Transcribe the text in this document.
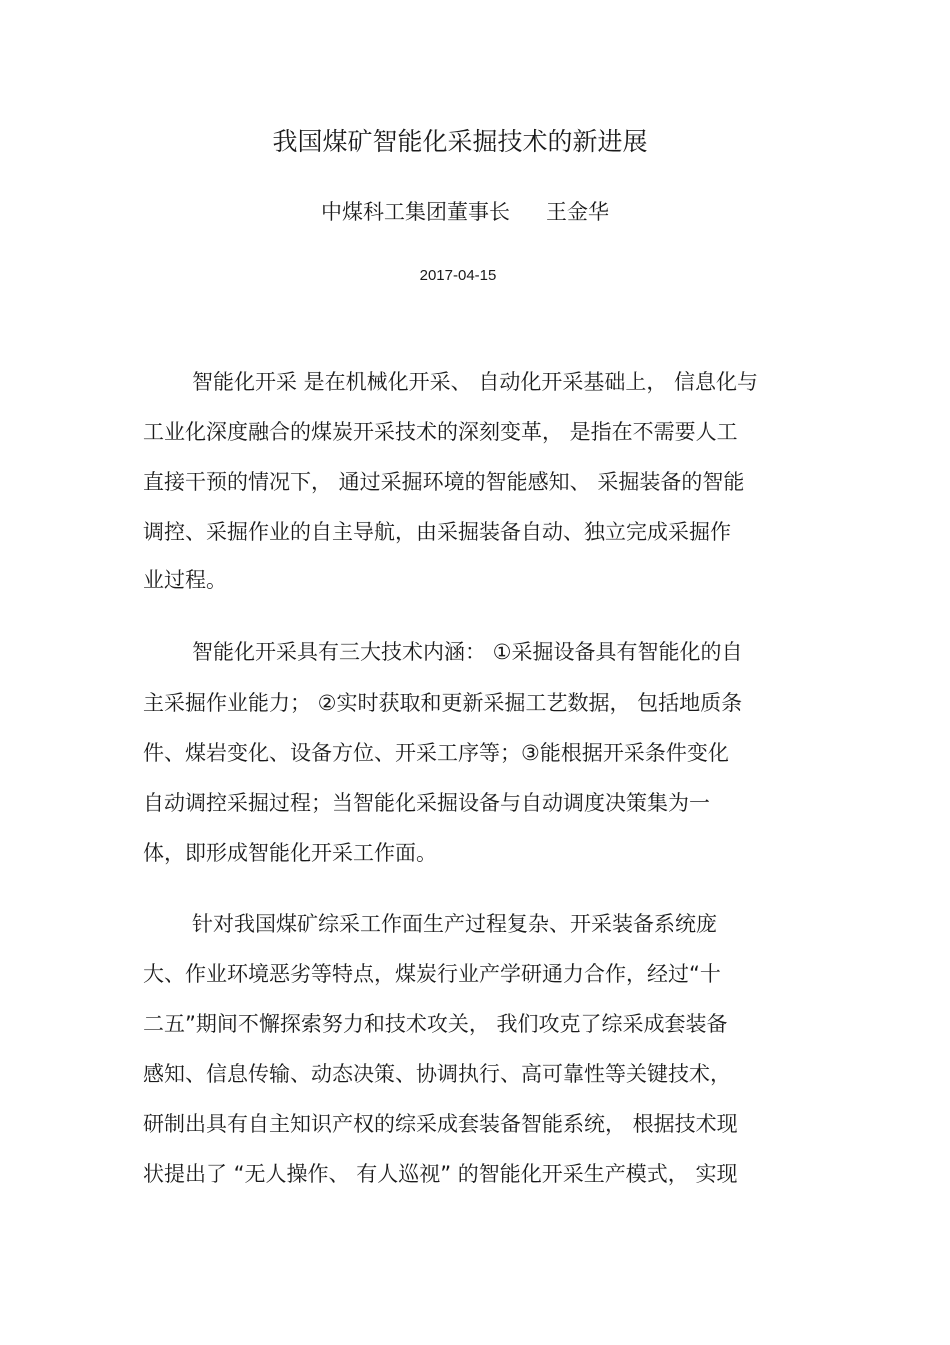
我国煤矿智能化采掘技术的新进展
中煤科工集团董事长 王金华
2017-04-15
智能化开采 是在机械化开采、 自动化开采基础上， 信息化与
工业化深度融合的煤炭开采技术的深刻变革， 是指在不需要人工
直接干预的情况下， 通过采掘环境的智能感知、 采掘装备的智能
调控、采掘作业的自主导航，由采掘装备自动、独立完成采掘作
业过程。
智能化开采具有三大技术内涵： ①采掘设备具有智能化的自
主采掘作业能力； ②实时获取和更新采掘工艺数据， 包括地质条
件、煤岩变化、设备方位、开采工序等；③能根据开采条件变化
自动调控采掘过程；当智能化采掘设备与自动调度决策集为一
体，即形成智能化开采工作面。
针对我国煤矿综采工作面生产过程复杂、开采装备系统庞
大、作业环境恶劣等特点，煤炭行业产学研通力合作，经过“十
二五”期间不懈探索努力和技术攻关， 我们攻克了综采成套装备
感知、信息传输、动态决策、协调执行、高可靠性等关键技术，
研制出具有自主知识产权的综采成套装备智能系统， 根据技术现
状提出了 “无人操作、 有人巡视” 的智能化开采生产模式， 实现
